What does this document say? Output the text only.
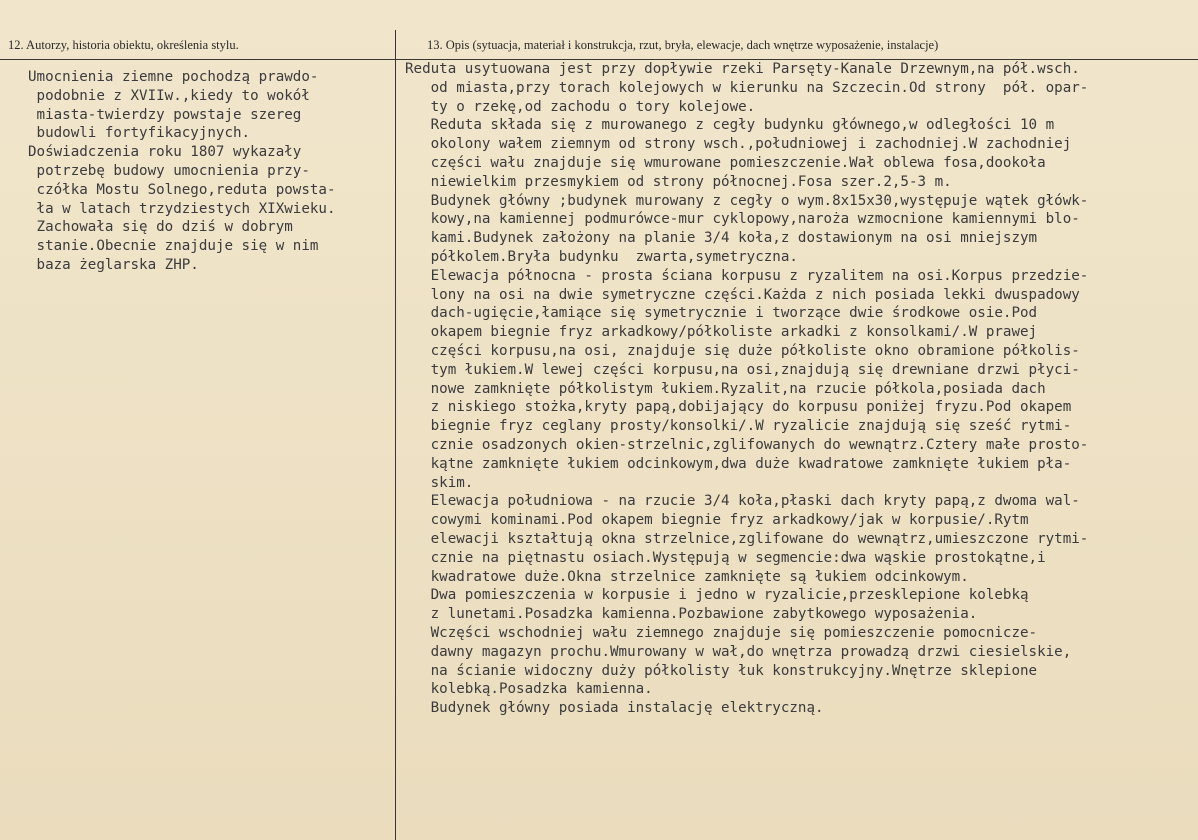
12. Autorzy, historia obiektu, określenia stylu.	13. Opis (sytuacja, materiał i konstrukcja, rzut, bryła, elewacje, dach wnętrze wyposażenie, instalacje)
Umocnienia ziemne pochodzą prawdo-
podobnie z XVIIw.,kiedy to wokół
miasta-twierdzy powstaje szereg
budowli fortyfikacyjnych.
Doświadczenia roku 1807 wykazały
potrzebę budowy umocnienia przy-
czółka Mostu Solnego,reduta powsta-
ła w latach trzydziestych XIXwieku.
Zachowała się do dziś w dobrym
stanie.Obecnie znajduje się w nim
baza żeglarska ZHP.
Reduta usytuowana jest przy dopływie rzeki Parsęty-Kanale Drzewnym,na pół.wsch.
od miasta,przy torach kolejowych w kierunku na Szczecin.Od strony  pół. opar-
ty o rzekę,od zachodu o tory kolejowe.
Reduta składa się z murowanego z cegły budynku głównego,w odległości 10 m
okolony wałem ziemnym od strony wsch.,południowej i zachodniej.W zachodniej
części wału znajduje się wmurowane pomieszczenie.Wał oblewa fosa,dookoła
niewielkim przesmykiem od strony północnej.Fosa szer.2,5-3 m.
Budynek główny ;budynek murowany z cegły o wym.8x15x30,występuje wątek główk-
kowy,na kamiennej podmurówce-mur cyklopowy,naroża wzmocnione kamiennymi blo-
kami.Budynek założony na planie 3/4 koła,z dostawionym na osi mniejszym
półkolem.Bryła budynku  zwarta,symetryczna.
Elewacja północna - prosta ściana korpusu z ryzalitem na osi.Korpus przedzie-
lony na osi na dwie symetryczne części.Każda z nich posiada lekki dwuspadowy
dach-ugięcie,łamiące się symetrycznie i tworzące dwie środkowe osie.Pod
okapem biegnie fryz arkadkowy/półkoliste arkadki z konsolkami/.W prawej
części korpusu,na osi, znajduje się duże półkoliste okno obramione półkolis-
tym łukiem.W lewej części korpusu,na osi,znajdują się drewniane drzwi płyci-
nowe zamknięte półkolistym łukiem.Ryzalit,na rzucie półkola,posiada dach
z niskiego stożka,kryty papą,dobijający do korpusu poniżej fryzu.Pod okapem
biegnie fryz ceglany prosty/konsolki/.W ryzalicie znajdują się sześć rytmi-
cznie osadzonych okien-strzelnic,zglifowanych do wewnątrz.Cztery małe prosto-
kątne zamknięte łukiem odcinkowym,dwa duże kwadratowe zamknięte łukiem pła-
skim.
Elewacja południowa - na rzucie 3/4 koła,płaski dach kryty papą,z dwoma wal-
cowymi kominami.Pod okapem biegnie fryz arkadkowy/jak w korpusie/.Rytm
elewacji kształtują okna strzelnice,zglifowane do wewnątrz,umieszczone rytmi-
cznie na piętnastu osiach.Występują w segmencie:dwa wąskie prostokątne,i
kwadratowe duże.Okna strzelnice zamknięte są łukiem odcinkowym.
Dwa pomieszczenia w korpusie i jedno w ryzalicie,przesklepione kolebką
z lunetami.Posadzka kamienna.Pozbawione zabytkowego wyposażenia.
Wczęści wschodniej wału ziemnego znajduje się pomieszczenie pomocnicze-
dawny magazyn prochu.Wmurowany w wał,do wnętrza prowadzą drzwi ciesielskie,
na ścianie widoczny duży półkolisty łuk konstrukcyjny.Wnętrze sklepione
kolebką.Posadzka kamienna.
Budynek główny posiada instalację elektryczną.
